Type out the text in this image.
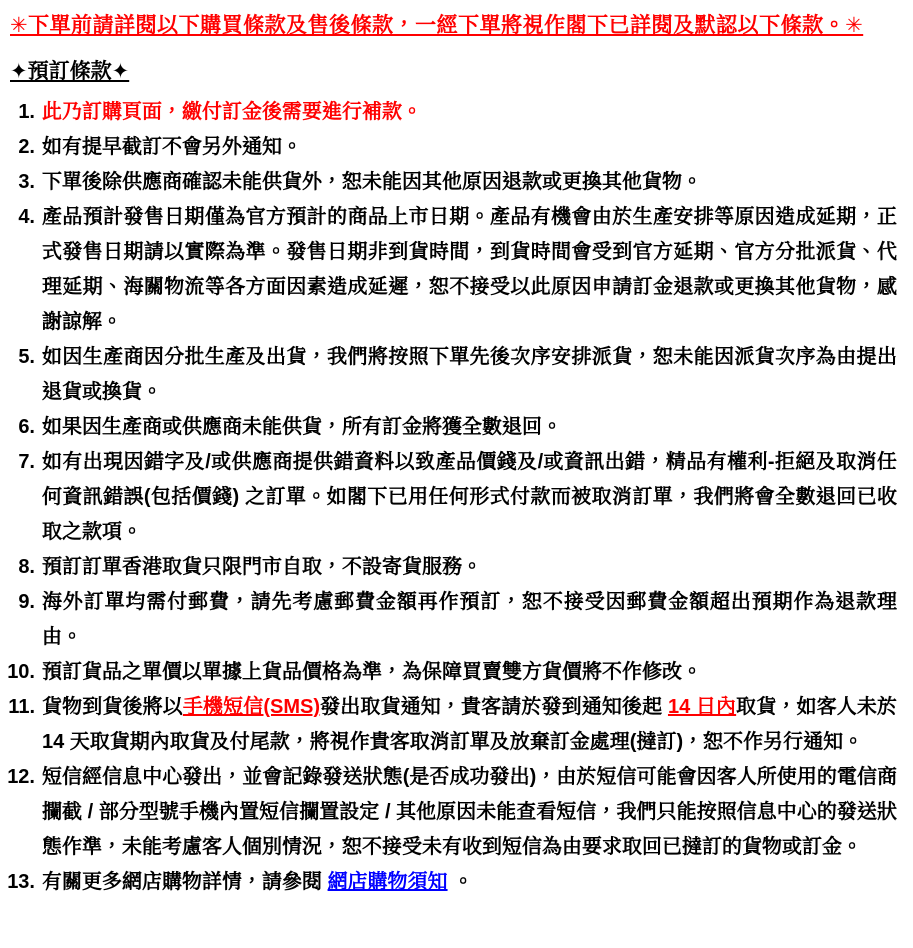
✳下單前請詳閱以下購買條款及售後條款，一經下單將視作閣下已詳閱及默認以下條款。✳

✦預訂條款✦

1. 此乃訂購頁面，繳付訂金後需要進行補款。
2. 如有提早截訂不會另外通知。
3. 下單後除供應商確認未能供貨外，恕未能因其他原因退款或更換其他貨物。
4. 產品預計發售日期僅為官方預計的商品上市日期。產品有機會由於生產安排等原因造成延期，正式發售日期請以實際為準。發售日期非到貨時間，到貨時間會受到官方延期、官方分批派貨、代理延期、海關物流等各方面因素造成延遲，恕不接受以此原因申請訂金退款或更換其他貨物，感謝諒解。
5. 如因生產商因分批生產及出貨，我們將按照下單先後次序安排派貨，恕未能因派貨次序為由提出退貨或換貨。
6. 如果因生產商或供應商未能供貨，所有訂金將獲全數退回。
7. 如有出現因錯字及/或供應商提供錯資料以致產品價錢及/或資訊出錯，精品有權利-拒絕及取消任何資訊錯誤(包括價錢) 之訂單。如閣下已用任何形式付款而被取消訂單，我們將會全數退回已收取之款項。
8. 預訂訂單香港取貨只限門市自取，不設寄貨服務。
9. 海外訂單均需付郵費，請先考慮郵費金額再作預訂，恕不接受因郵費金額超出預期作為退款理由。
10. 預訂貨品之單價以單據上貨品價格為準，為保障買賣雙方貨價將不作修改。
11. 貨物到貨後將以手機短信(SMS)發出取貨通知，貴客請於發到通知後起 14 日內取貨，如客人未於 14 天取貨期內取貨及付尾款，將視作貴客取消訂單及放棄訂金處理(撻訂)，恕不作另行通知。
12. 短信經信息中心發出，並會記錄發送狀態(是否成功發出)，由於短信可能會因客人所使用的電信商攔截 / 部分型號手機內置短信攔置設定 / 其他原因未能查看短信，我們只能按照信息中心的發送狀態作準，未能考慮客人個別情況，恕不接受未有收到短信為由要求取回已撻訂的貨物或訂金。
13. 有關更多網店購物詳情，請參閱 網店購物須知 。
